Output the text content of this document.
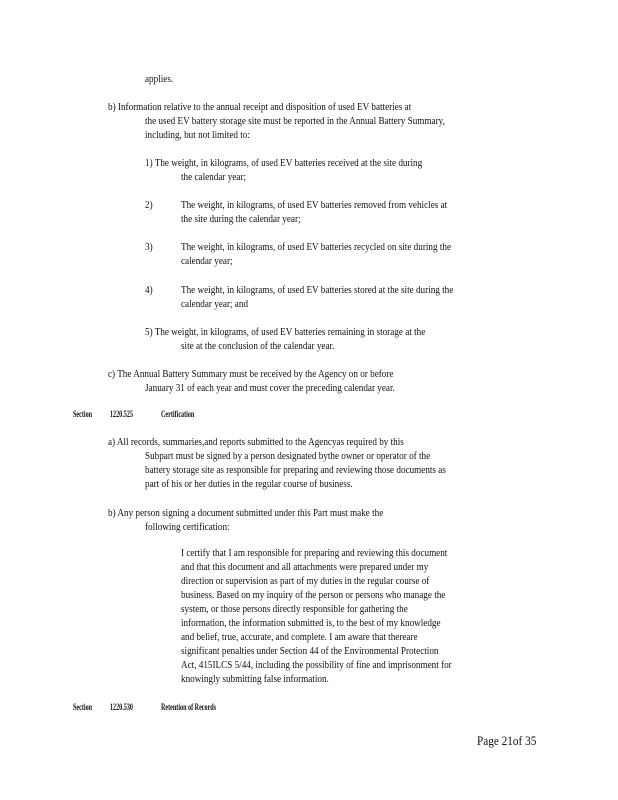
applies.
b) Information relative to the annual receipt and disposition of used EV batteries at
the used EV battery storage site must be reported in the Annual Battery Summary,
including, but not limited to:
1) The weight, in kilograms, of used EV batteries received at the site during
the calendar year;
2)	The weight, in kilograms, of used EV batteries removed from vehicles at
the site during the calendar year;
3)	The weight, in kilograms, of used EV batteries recycled on site during the
calendar year;
4)	The weight, in kilograms, of used EV batteries stored at the site during the
calendar year; and
5) The weight, in kilograms, of used EV batteries remaining in storage at the
site at the conclusion of the calendar year.
c) The Annual Battery Summary must be received by the Agency on or before
January 31 of each year and must cover the preceding calendar year.
Section 1220.525	Certification
a) All records, summaries,and reports submitted to the Agencyas required by this
Subpart must be signed by a person designated bythe owner or operator of the
battery storage site as responsible for preparing and reviewing those documents as
part of his or her duties in the regular course of business.
b) Any person signing a document submitted under this Part must make the
following certification:
I certify that I am responsible for preparing and reviewing this document
and that this document and all attachments were prepared under my
direction or supervision as part of my duties in the regular course of
business. Based on my inquiry of the person or persons who manage the
system, or those persons directly responsible for gathering the
information, the information submitted is, to the best of my knowledge
and belief, true, accurate, and complete. I am aware that thereare
significant penalties under Section 44 of the Environmental Protection
Act, 415ILCS 5/44, including the possibility of fine and imprisonment for
knowingly submitting false information.
Section 1220.530	Retention of Records
Page 21of 35
